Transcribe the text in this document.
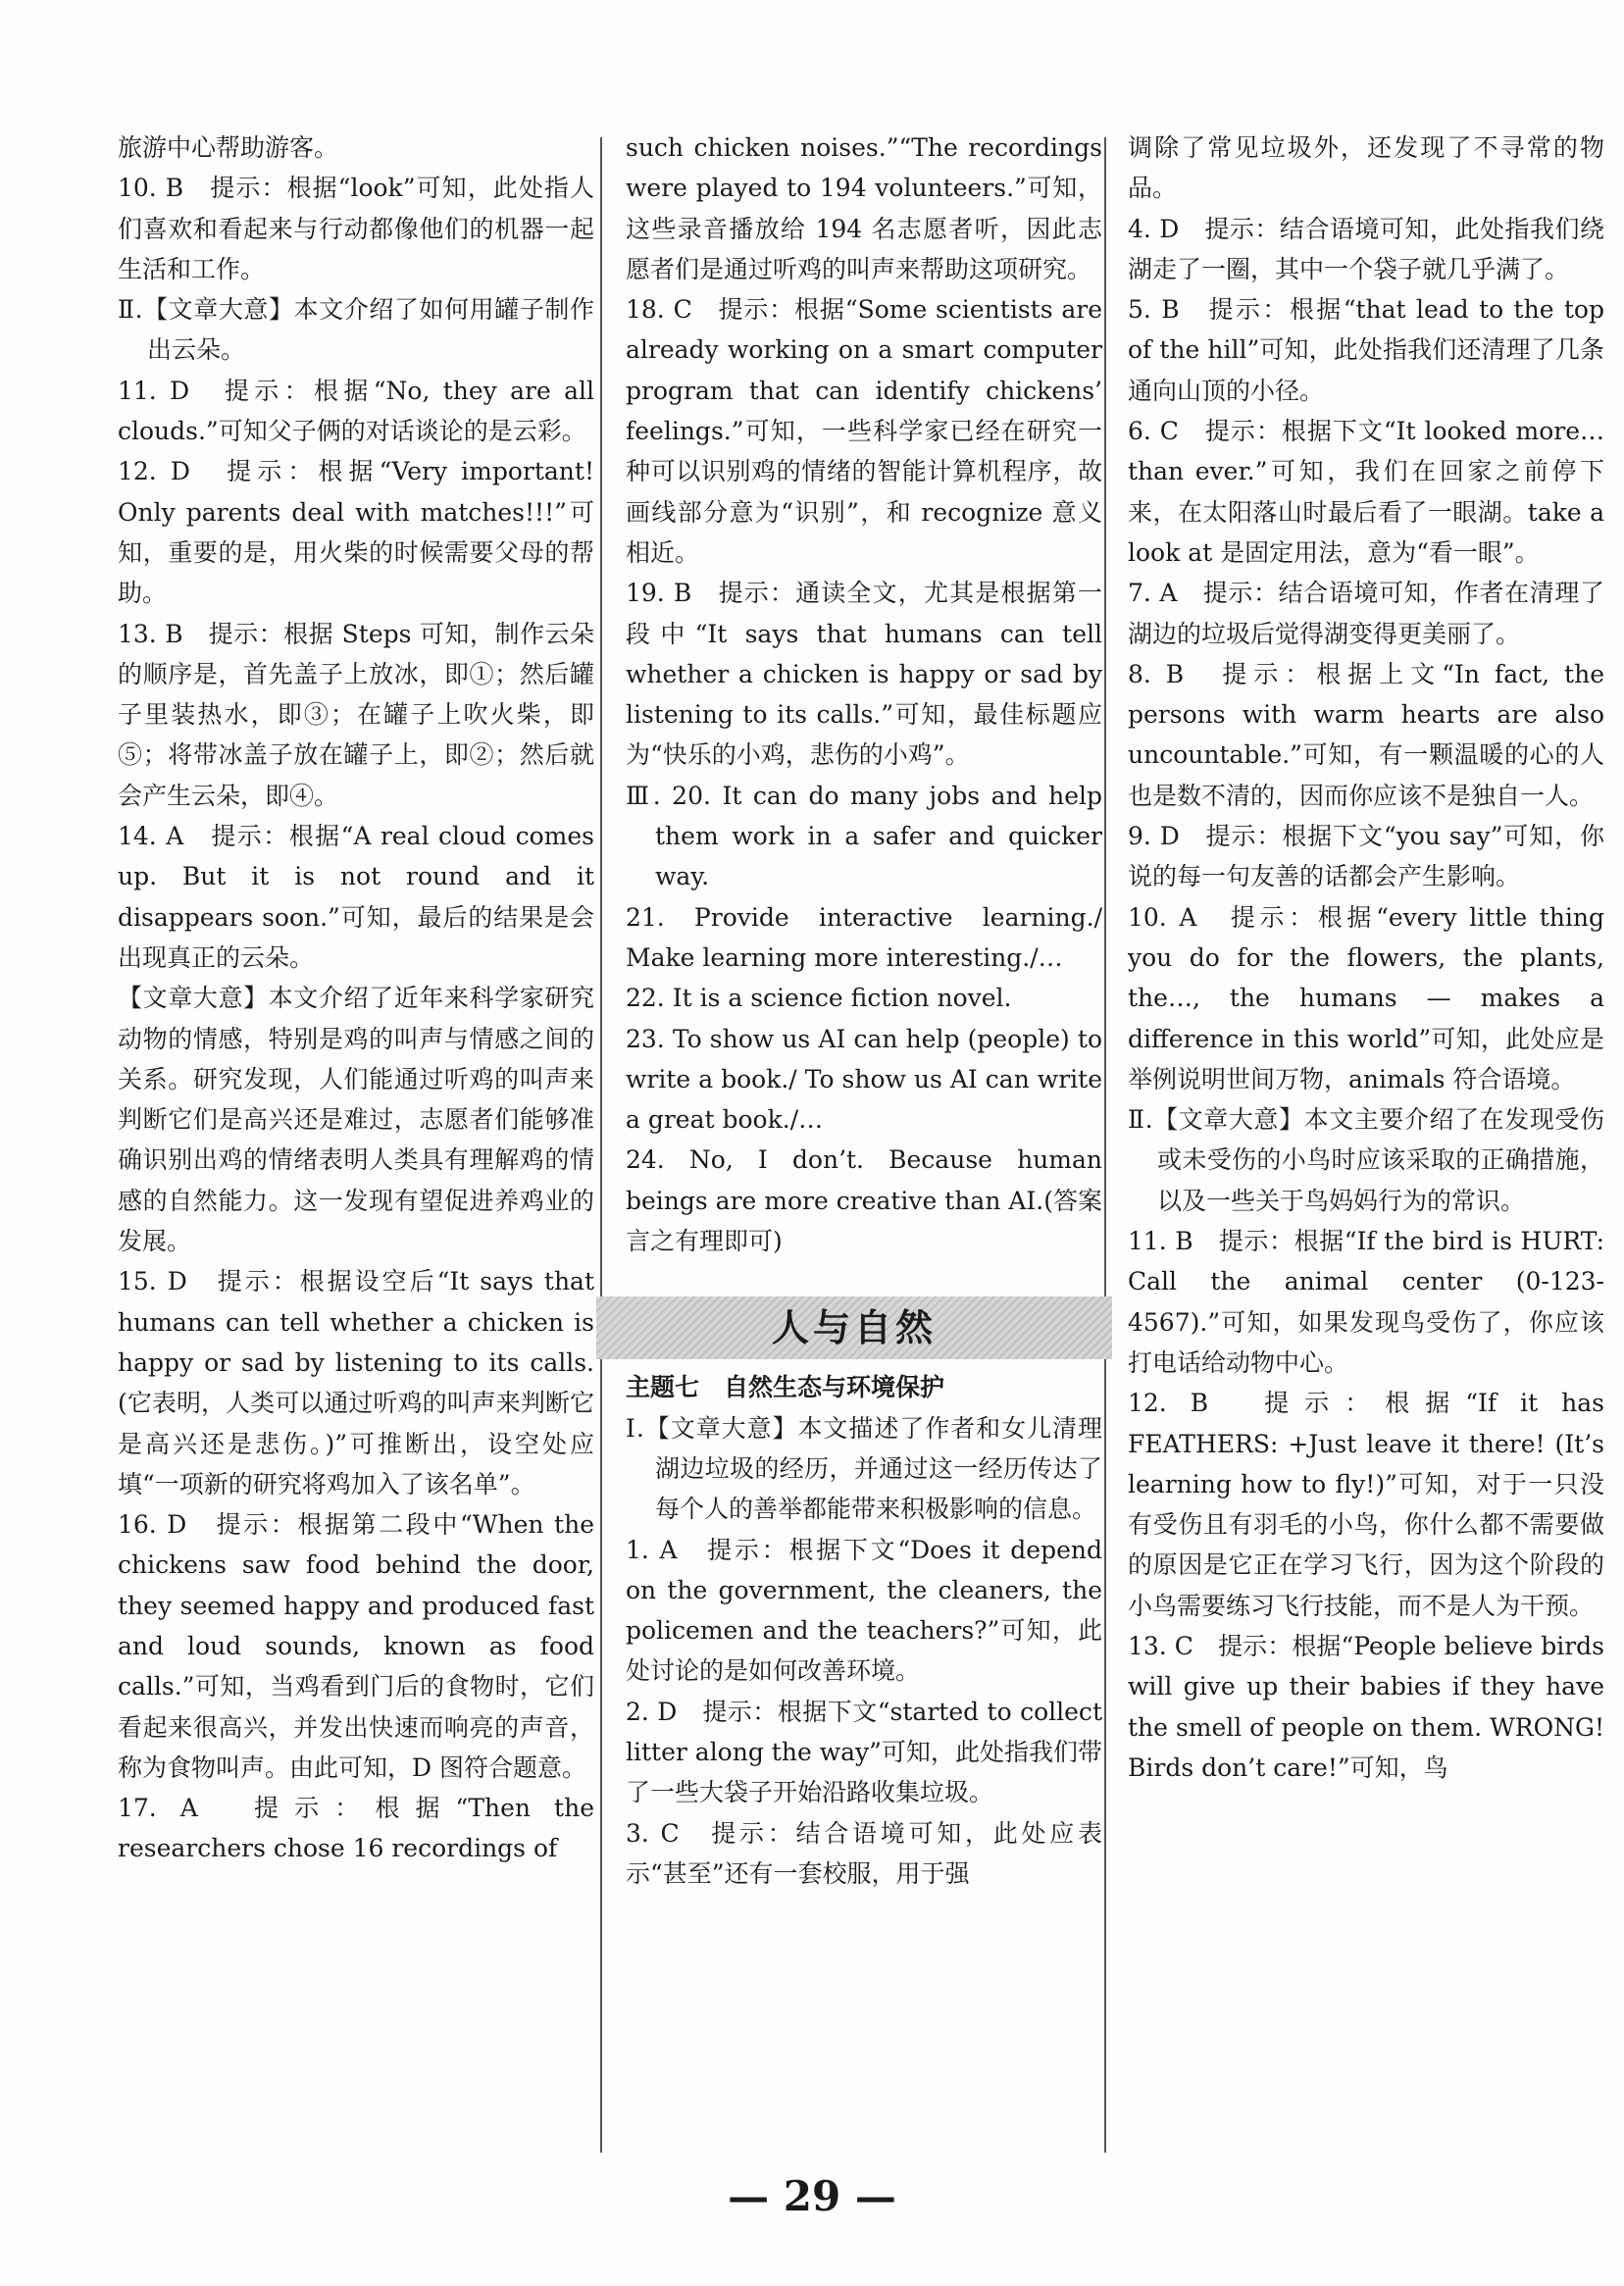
旅游中心帮助游客。

10. B　提示：根据“look”可知，此处指人们喜欢和看起来与行动都像他们的机器一起生活和工作。

Ⅱ.【文章大意】本文介绍了如何用罐子制作出云朵。

11. D　提示：根据“No, they are all clouds.”可知父子俩的对话谈论的是云彩。

12. D　提示：根据“Very important! Only parents deal with matches!!!”可知，重要的是，用火柴的时候需要父母的帮助。

13. B　提示：根据 Steps 可知，制作云朵的顺序是，首先盖子上放冰，即①；然后罐子里装热水，即③；在罐子上吹火柴，即⑤；将带冰盖子放在罐子上，即②；然后就会产生云朵，即④。

14. A　提示：根据“A real cloud comes up. But it is not round and it disappears soon.”可知，最后的结果是会出现真正的云朵。

【文章大意】本文介绍了近年来科学家研究动物的情感，特别是鸡的叫声与情感之间的关系。研究发现，人们能通过听鸡的叫声来判断它们是高兴还是难过，志愿者们能够准确识别出鸡的情绪表明人类具有理解鸡的情感的自然能力。这一发现有望促进养鸡业的发展。

15. D　提示：根据设空后“It says that humans can tell whether a chicken is happy or sad by listening to its calls.(它表明，人类可以通过听鸡的叫声来判断它是高兴还是悲伤。)”可推断出，设空处应填“一项新的研究将鸡加入了该名单”。

16. D　提示：根据第二段中“When the chickens saw food behind the door, they seemed happy and produced fast and loud sounds, known as food calls.”可知，当鸡看到门后的食物时，它们看起来很高兴，并发出快速而响亮的声音，称为食物叫声。由此可知，D 图符合题意。

17. A　提示：根据“Then the researchers chose 16 recordings of

such chicken noises.”“The recordings were played to 194 volunteers.”可知，这些录音播放给 194 名志愿者听，因此志愿者们是通过听鸡的叫声来帮助这项研究。

18. C　提示：根据“Some scientists are already working on a smart computer program that can identify chickens’ feelings.”可知，一些科学家已经在研究一种可以识别鸡的情绪的智能计算机程序，故画线部分意为“识别”，和 recognize 意义相近。

19. B　提示：通读全文，尤其是根据第一段中“It says that humans can tell whether a chicken is happy or sad by listening to its calls.”可知，最佳标题应为“快乐的小鸡，悲伤的小鸡”。

Ⅲ. 20. It can do many jobs and help them work in a safer and quicker way.

21. Provide interactive learning./ Make learning more interesting./…

22. It is a science fiction novel.

23. To show us AI can help (people) to write a book./ To show us AI can write a great book./…

24. No, I don’t. Because human beings are more creative than AI.(答案言之有理即可)

人与自然

主题七　自然生态与环境保护

Ⅰ.【文章大意】本文描述了作者和女儿清理湖边垃圾的经历，并通过这一经历传达了每个人的善举都能带来积极影响的信息。

1. A　提示：根据下文“Does it depend on the government, the cleaners, the policemen and the teachers?”可知，此处讨论的是如何改善环境。

2. D　提示：根据下文“started to collect litter along the way”可知，此处指我们带了一些大袋子开始沿路收集垃圾。

3. C　提示：结合语境可知，此处应表示“甚至”还有一套校服，用于强

调除了常见垃圾外，还发现了不寻常的物品。

4. D　提示：结合语境可知，此处指我们绕湖走了一圈，其中一个袋子就几乎满了。

5. B　提示：根据“that lead to the top of the hill”可知，此处指我们还清理了几条通向山顶的小径。

6. C　提示：根据下文“It looked more… than ever.”可知，我们在回家之前停下来，在太阳落山时最后看了一眼湖。take a look at 是固定用法，意为“看一眼”。

7. A　提示：结合语境可知，作者在清理了湖边的垃圾后觉得湖变得更美丽了。

8. B　提示：根据上文“In fact, the persons with warm hearts are also uncountable.”可知，有一颗温暖的心的人也是数不清的，因而你应该不是独自一人。

9. D　提示：根据下文“you say”可知，你说的每一句友善的话都会产生影响。

10. A　提示：根据“every little thing you do for the flowers, the plants, the…, the humans — makes a difference in this world”可知，此处应是举例说明世间万物，animals 符合语境。

Ⅱ.【文章大意】本文主要介绍了在发现受伤或未受伤的小鸟时应该采取的正确措施，以及一些关于鸟妈妈行为的常识。

11. B　提示：根据“If the bird is HURT: Call the animal center (0-123-4567).”可知，如果发现鸟受伤了，你应该打电话给动物中心。

12. B　提示：根据“If it has FEATHERS: +Just leave it there! (It’s learning how to fly!)”可知，对于一只没有受伤且有羽毛的小鸟，你什么都不需要做的原因是它正在学习飞行，因为这个阶段的小鸟需要练习飞行技能，而不是人为干预。

13. C　提示：根据“People believe birds will give up their babies if they have the smell of people on them. WRONG! Birds don’t care!”可知，鸟

— 29 —
